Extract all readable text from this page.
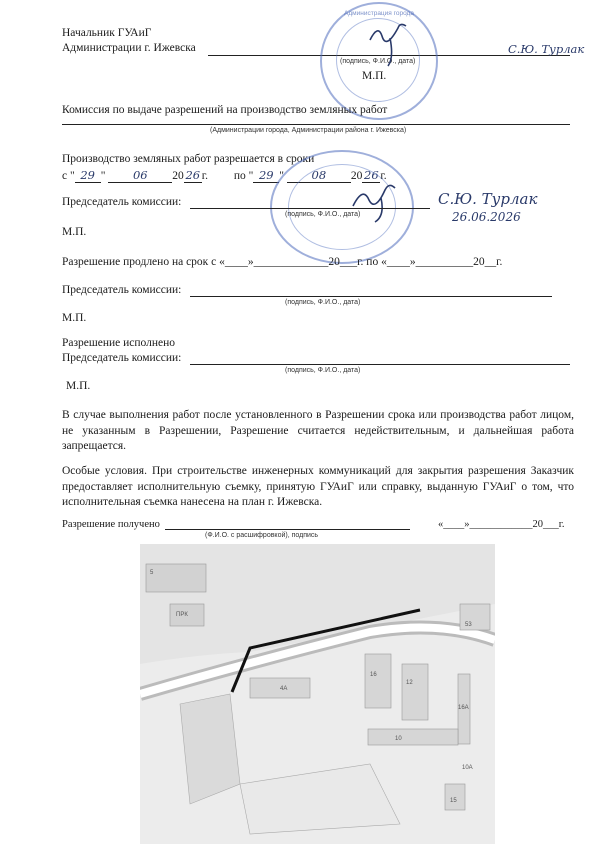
Начальник ГУАиГ
Администрации г. Ижевска	С.Ю. Турлак
(подпись, Ф.И.О., дата)
М.П.
Администрация города
Комиссия по выдаче разрешений на производство земляных работ
(Администрации города, Администрации района г. Ижевска)
Производство земляных работ разрешается в сроки
с " 29 " 06 20 26 г. по " 29 " 08 20 26 г.
Председатель комиссии:
(подпись, Ф.И.О., дата)
С.Ю. Турлак
26.06.2026
М.П.
Разрешение продлено на срок с «____»_____________20___г. по «____»__________20__г.
Председатель комиссии:
(подпись, Ф.И.О., дата)
М.П.
Разрешение исполнено
Председатель комиссии:
(подпись, Ф.И.О., дата)
М.П.
В случае выполнения работ после установленного в Разрешении срока или производства работ лицом, не указанным в Разрешении, Разрешение считается недействительным, и дальнейшая работа запрещается.
Особые условия. При строительстве инженерных коммуникаций для закрытия разрешения Заказчик предоставляет исполнительную съемку, принятую ГУАиГ или справку, выданную ГУАиГ о том, что исполнительная съемка нанесена на план г. Ижевска.
Разрешение получено
(Ф.И.О. с расшифровкой), подпись
«____»____________20___г.
53
5
16
16А
12
10
10А
ПРК
4А
15
